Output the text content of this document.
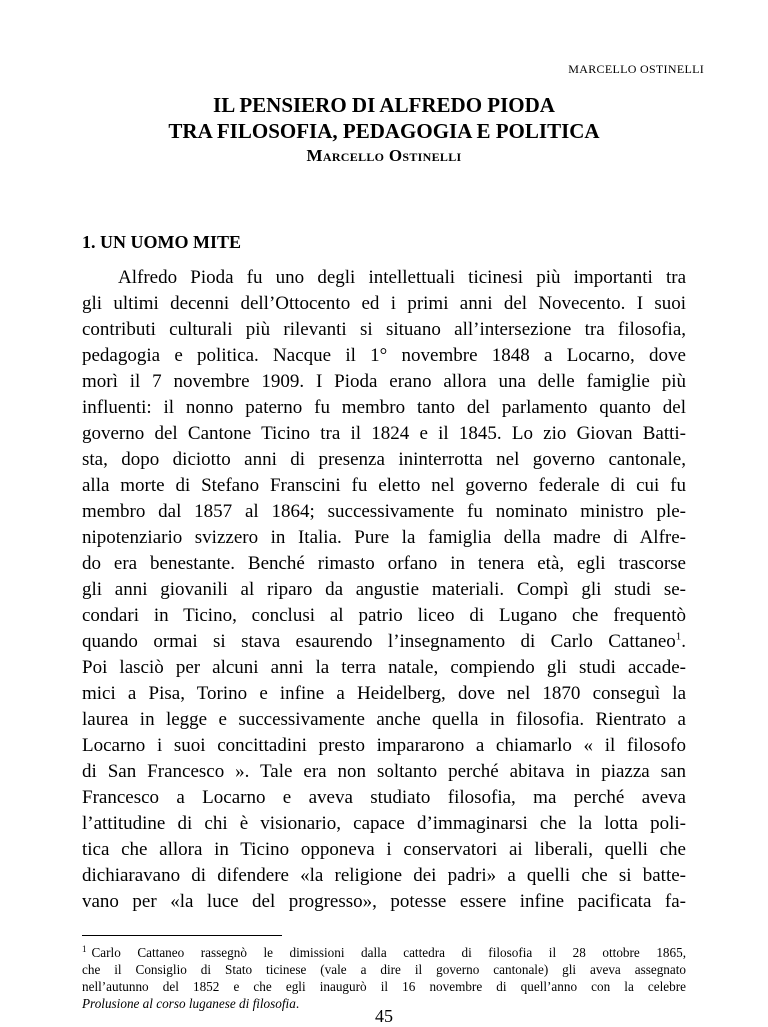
MARCELLO OSTINELLI
IL PENSIERO DI ALFREDO PIODA
TRA FILOSOFIA, PEDAGOGIA E POLITICA
Marcello Ostinelli
1. UN UOMO MITE
Alfredo Pioda fu uno degli intellettuali ticinesi più importanti tra
gli ultimi decenni dell’Ottocento ed i primi anni del Novecento. I suoi
contributi culturali più rilevanti si situano all’intersezione tra filosofia,
pedagogia e politica. Nacque il 1° novembre 1848 a Locarno, dove
morì il 7 novembre 1909. I Pioda erano allora una delle famiglie più
influenti: il nonno paterno fu membro tanto del parlamento quanto del
governo del Cantone Ticino tra il 1824 e il 1845. Lo zio Giovan Batti-
sta, dopo diciotto anni di presenza ininterrotta nel governo cantonale,
alla morte di Stefano Franscini fu eletto nel governo federale di cui fu
membro dal 1857 al 1864; successivamente fu nominato ministro ple-
nipotenziario svizzero in Italia. Pure la famiglia della madre di Alfre-
do era benestante. Benché rimasto orfano in tenera età, egli trascorse
gli anni giovanili al riparo da angustie materiali. Compì gli studi se-
condari in Ticino, conclusi al patrio liceo di Lugano che frequentò
quando ormai si stava esaurendo l’insegnamento di Carlo Cattaneo$^1$.
Poi lasciò per alcuni anni la terra natale, compiendo gli studi accade-
mici a Pisa, Torino e infine a Heidelberg, dove nel 1870 conseguì la
laurea in legge e successivamente anche quella in filosofia. Rientrato a
Locarno i suoi concittadini presto impararono a chiamarlo « il filosofo
di San Francesco ». Tale era non soltanto perché abitava in piazza san
Francesco a Locarno e aveva studiato filosofia, ma perché aveva
l’attitudine di chi è visionario, capace d’immaginarsi che la lotta poli-
tica che allora in Ticino opponeva i conservatori ai liberali, quelli che
dichiaravano di difendere «la religione dei padri» a quelli che si batte-
vano per «la luce del progresso», potesse essere infine pacificata fa-
$^1$ Carlo Cattaneo rassegnò le dimissioni dalla cattedra di filosofia il 28 ottobre 1865,
che il Consiglio di Stato ticinese (vale a dire il governo cantonale) gli aveva assegnato
nell’autunno del 1852 e che egli inaugurò il 16 novembre di quell’anno con la celebre
Prolusione al corso luganese di filosofia.
45
